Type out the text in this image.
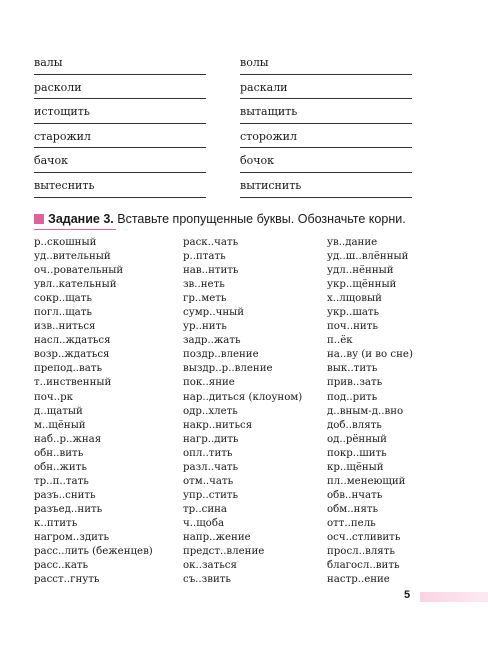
валы	волы
расколи	раскали
истощить	вытащить
старожил	сторожил
бачок	бочок
вытеснить	вытиснить
Задание 3. Вставьте пропущенные буквы. Обозначьте корни.
р..скошный
уд..вительный
оч..ровательный
увл..кательный
сокр..щать
погл..щать
изв..ниться
насл..ждаться
возр..ждаться
препод..вать
т..инственный
поч..рк
д..щатый
м..щёный
наб..р..жная
обн..вить
обн..жить
тр..п..тать
разъ..снить
разъед..нить
к..птить
нагром..здить
расс..лить (беженцев)
расс..кать
расст..гнуть
раск..чать
р..птать
нав..нтить
зв..неть
гр..меть
сумр..чный
ур..нить
задр..жать
поздр..вление
выздр..р..вление
пок..яние
нар..диться (клоуном)
одр..хлеть
накр..ниться
нагр..дить
опл..тить
разл..чать
отм..чать
упр..стить
тр..сина
ч..щоба
напр..жение
предст..вление
ок..заться
съ..звить
ув..дание
уд..ш..влённый
удл..нённый
укр..щённый
х..лщовый
укр..шать
поч..нить
п..ёк
на..ву (и во сне)
вык..тить
прив..зать
под..рить
д..вным-д..вно
доб..влять
од..рённый
покр..шить
кр..щёный
пл..менеющий
обв..нчать
обм..нять
отт..пель
осч..стливить
просл..влять
благосл..вить
настр..ение
5
